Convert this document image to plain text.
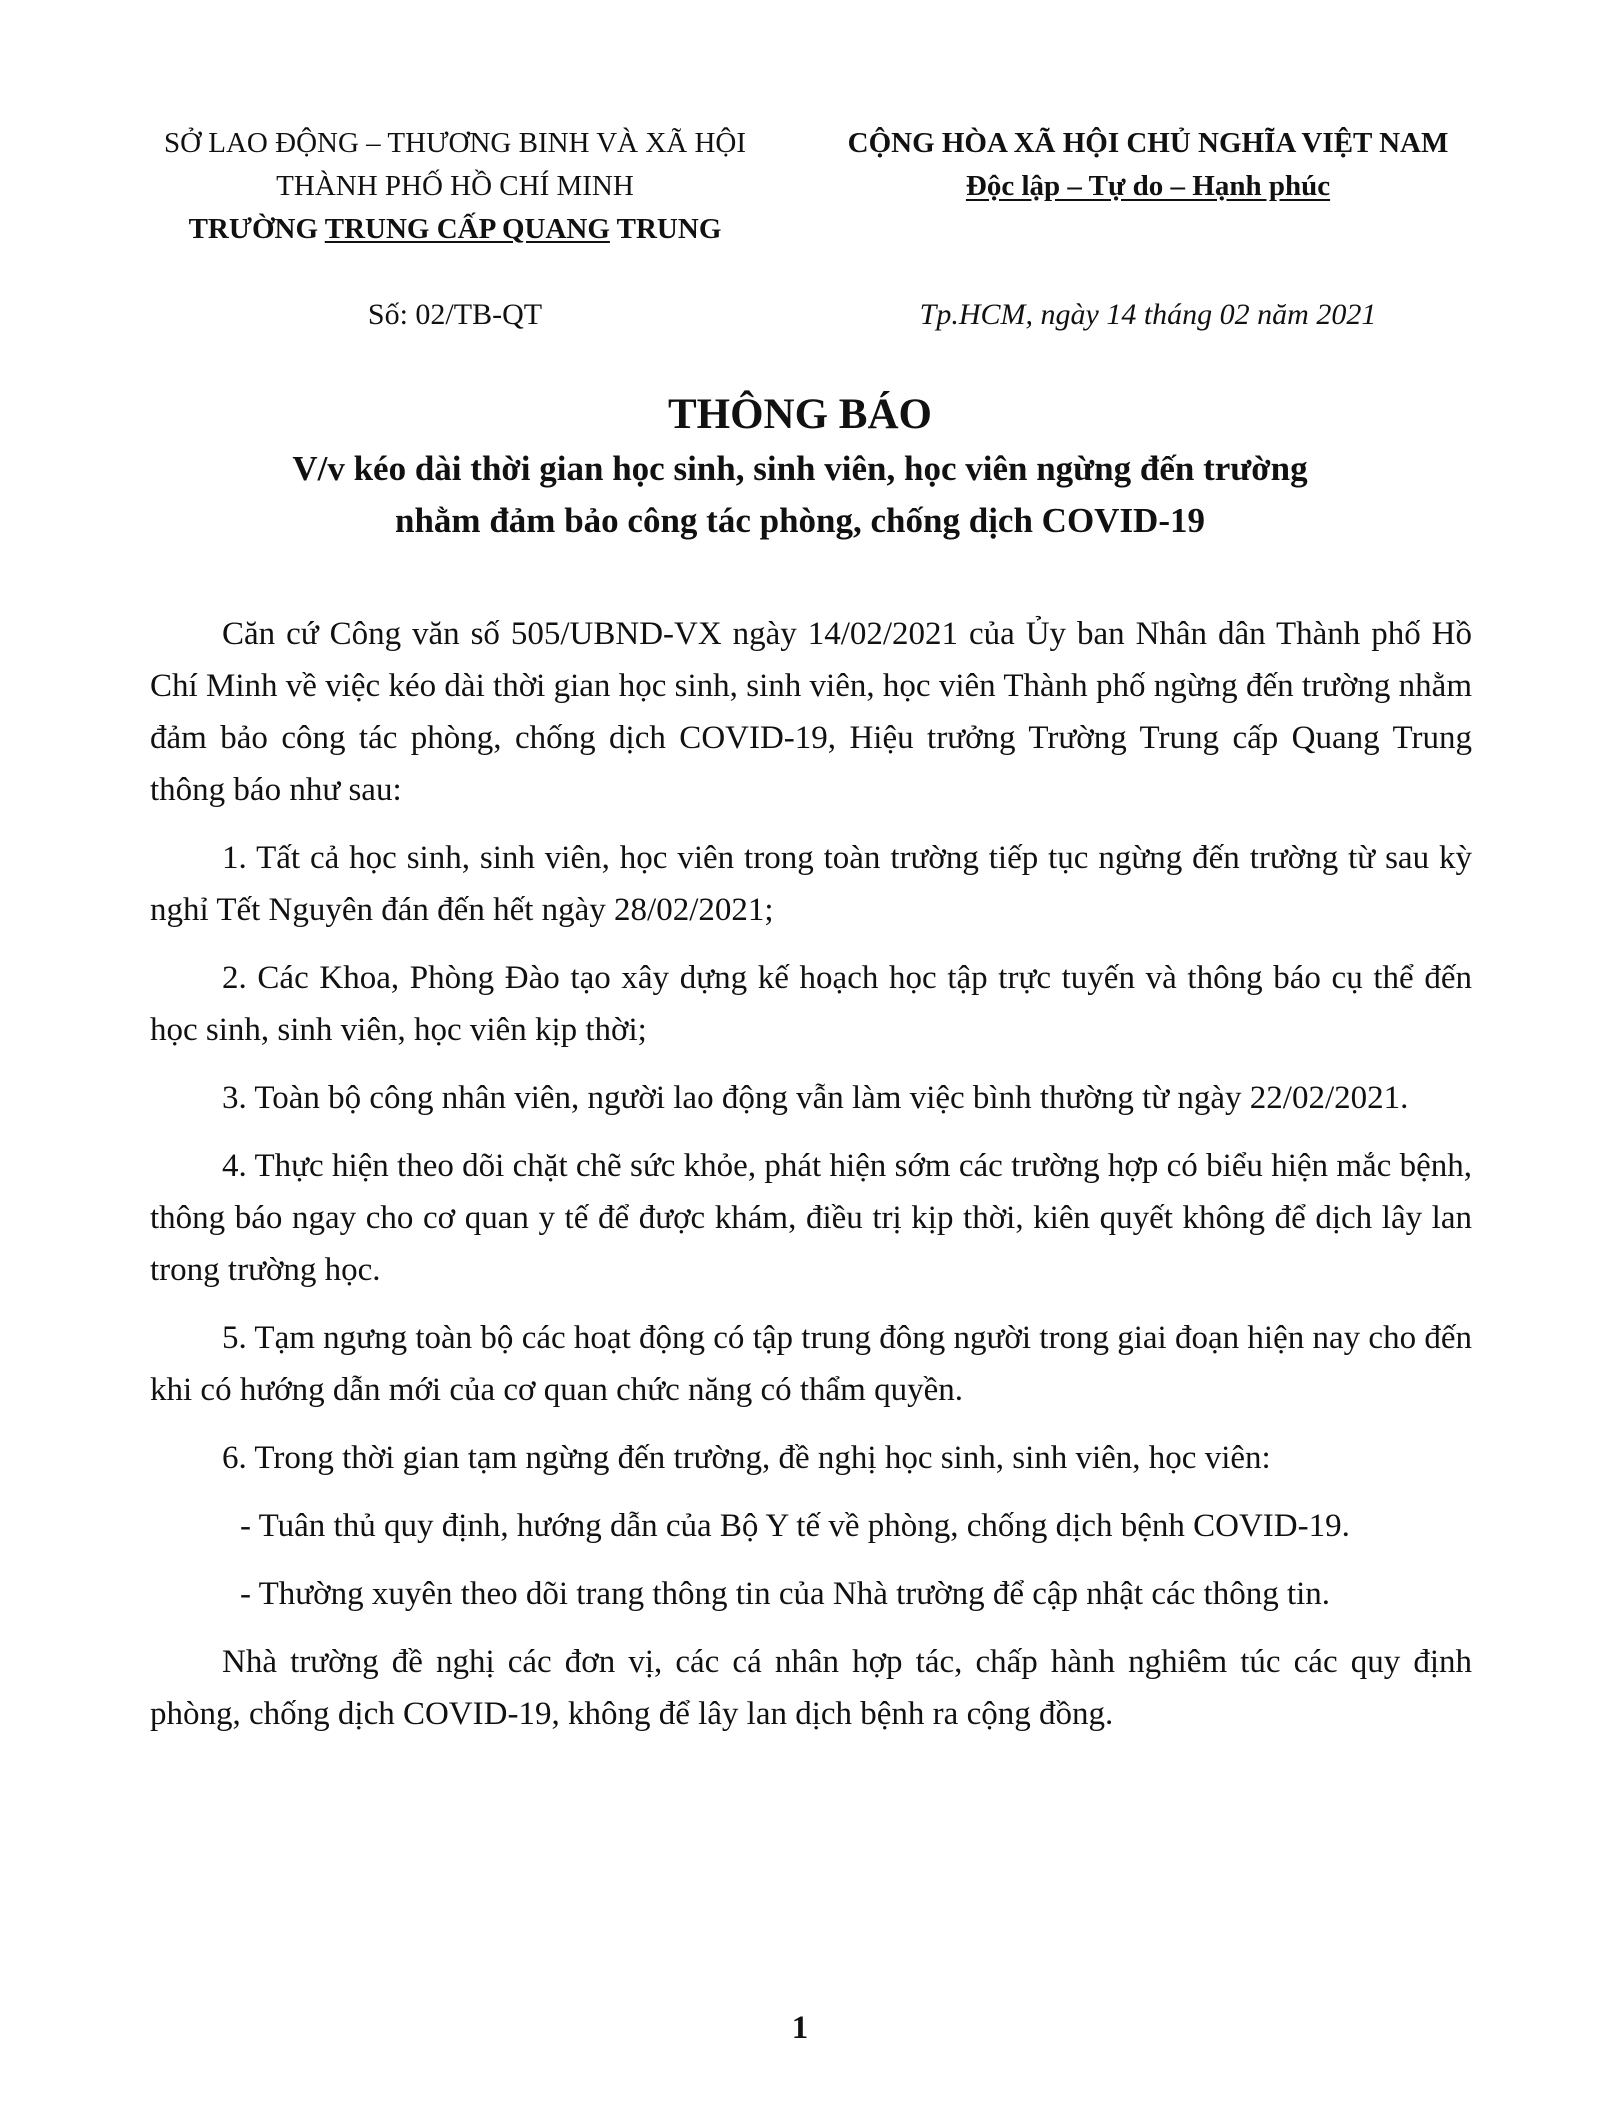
SỞ LAO ĐỘNG – THƯƠNG BINH VÀ XÃ HỘI
THÀNH PHỐ HỒ CHÍ MINH
TRƯỜNG TRUNG CẤP QUANG TRUNG
CỘNG HÒA XÃ HỘI CHỦ NGHĨA VIỆT NAM
Độc lập – Tự do – Hạnh phúc
Số: 02/TB-QT	Tp.HCM, ngày 14 tháng 02 năm 2021
THÔNG BÁO
V/v kéo dài thời gian học sinh, sinh viên, học viên ngừng đến trường
nhằm đảm bảo công tác phòng, chống dịch COVID-19

Căn cứ Công văn số 505/UBND-VX ngày 14/02/2021 của Ủy ban Nhân dân Thành phố Hồ Chí Minh về việc kéo dài thời gian học sinh, sinh viên, học viên Thành phố ngừng đến trường nhằm đảm bảo công tác phòng, chống dịch COVID-19, Hiệu trưởng Trường Trung cấp Quang Trung thông báo như sau:

1. Tất cả học sinh, sinh viên, học viên trong toàn trường tiếp tục ngừng đến trường từ sau kỳ nghỉ Tết Nguyên đán đến hết ngày 28/02/2021;

2. Các Khoa, Phòng Đào tạo xây dựng kế hoạch học tập trực tuyến và thông báo cụ thể đến học sinh, sinh viên, học viên kịp thời;

3. Toàn bộ công nhân viên, người lao động vẫn làm việc bình thường từ ngày 22/02/2021.

4. Thực hiện theo dõi chặt chẽ sức khỏe, phát hiện sớm các trường hợp có biểu hiện mắc bệnh, thông báo ngay cho cơ quan y tế để được khám, điều trị kịp thời, kiên quyết không để dịch lây lan trong trường học.

5. Tạm ngưng toàn bộ các hoạt động có tập trung đông người trong giai đoạn hiện nay cho đến khi có hướng dẫn mới của cơ quan chức năng có thẩm quyền.

6. Trong thời gian tạm ngừng đến trường, đề nghị học sinh, sinh viên, học viên:

- Tuân thủ quy định, hướng dẫn của Bộ Y tế về phòng, chống dịch bệnh COVID-19.

- Thường xuyên theo dõi trang thông tin của Nhà trường để cập nhật các thông tin.

Nhà trường đề nghị các đơn vị, các cá nhân hợp tác, chấp hành nghiêm túc các quy định phòng, chống dịch COVID-19, không để lây lan dịch bệnh ra cộng đồng.

1
